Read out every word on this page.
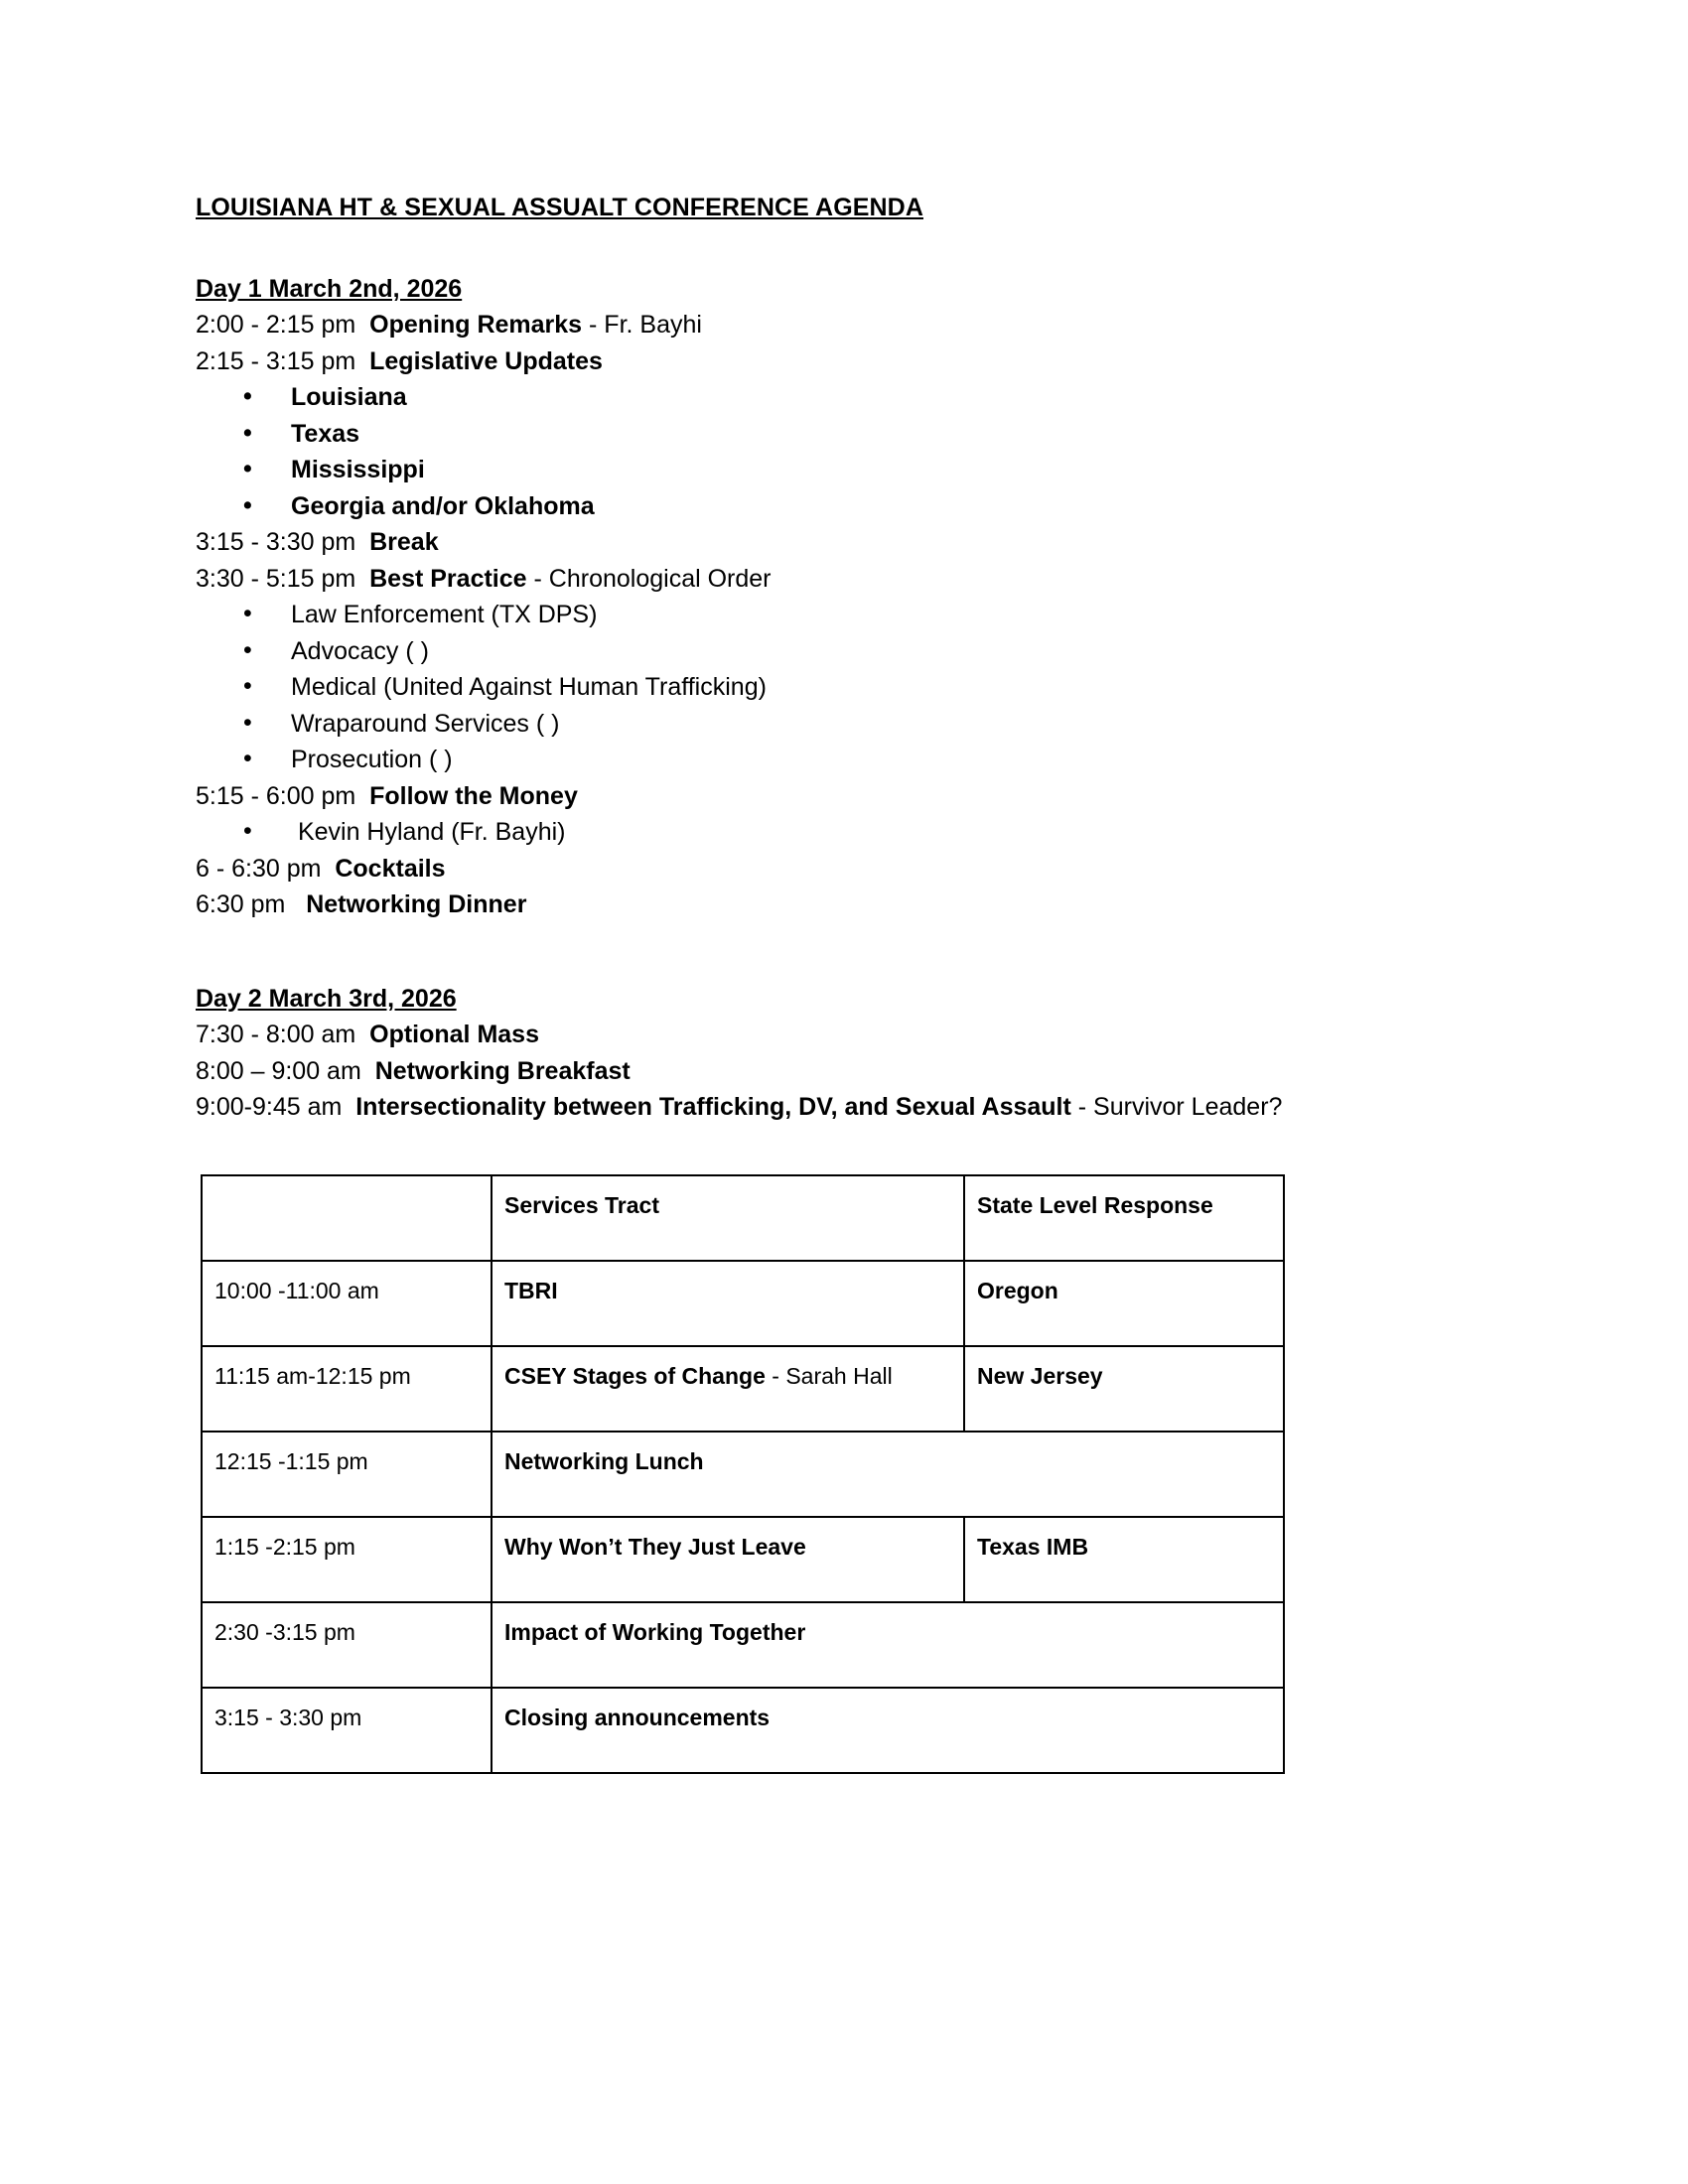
LOUISIANA HT & SEXUAL ASSUALT CONFERENCE AGENDA
Day 1 March 2nd, 2026
2:00 - 2:15 pm Opening Remarks - Fr. Bayhi
2:15 - 3:15 pm Legislative Updates
• Louisiana
• Texas
• Mississippi
• Georgia and/or Oklahoma
3:15 - 3:30 pm Break
3:30 - 5:15 pm Best Practice - Chronological Order
• Law Enforcement (TX DPS)
• Advocacy ( )
• Medical (United Against Human Trafficking)
• Wraparound Services ( )
• Prosecution ( )
5:15 - 6:00 pm Follow the Money
•  Kevin Hyland (Fr. Bayhi)
6 - 6:30 pm Cocktails
6:30 pm Networking Dinner
Day 2 March 3rd, 2026
7:30 - 8:00 am Optional Mass
8:00 – 9:00 am Networking Breakfast
9:00-9:45 am Intersectionality between Trafficking, DV, and Sexual Assault - Survivor Leader?
	Services Tract	State Level Response
10:00 -11:00 am	TBRI	Oregon
11:15 am-12:15 pm	CSEY Stages of Change - Sarah Hall	New Jersey
12:15 -1:15 pm	Networking Lunch	
1:15 -2:15 pm	Why Won’t They Just Leave	Texas IMB
2:30 -3:15 pm	Impact of Working Together	
3:15 - 3:30 pm	Closing announcements	
